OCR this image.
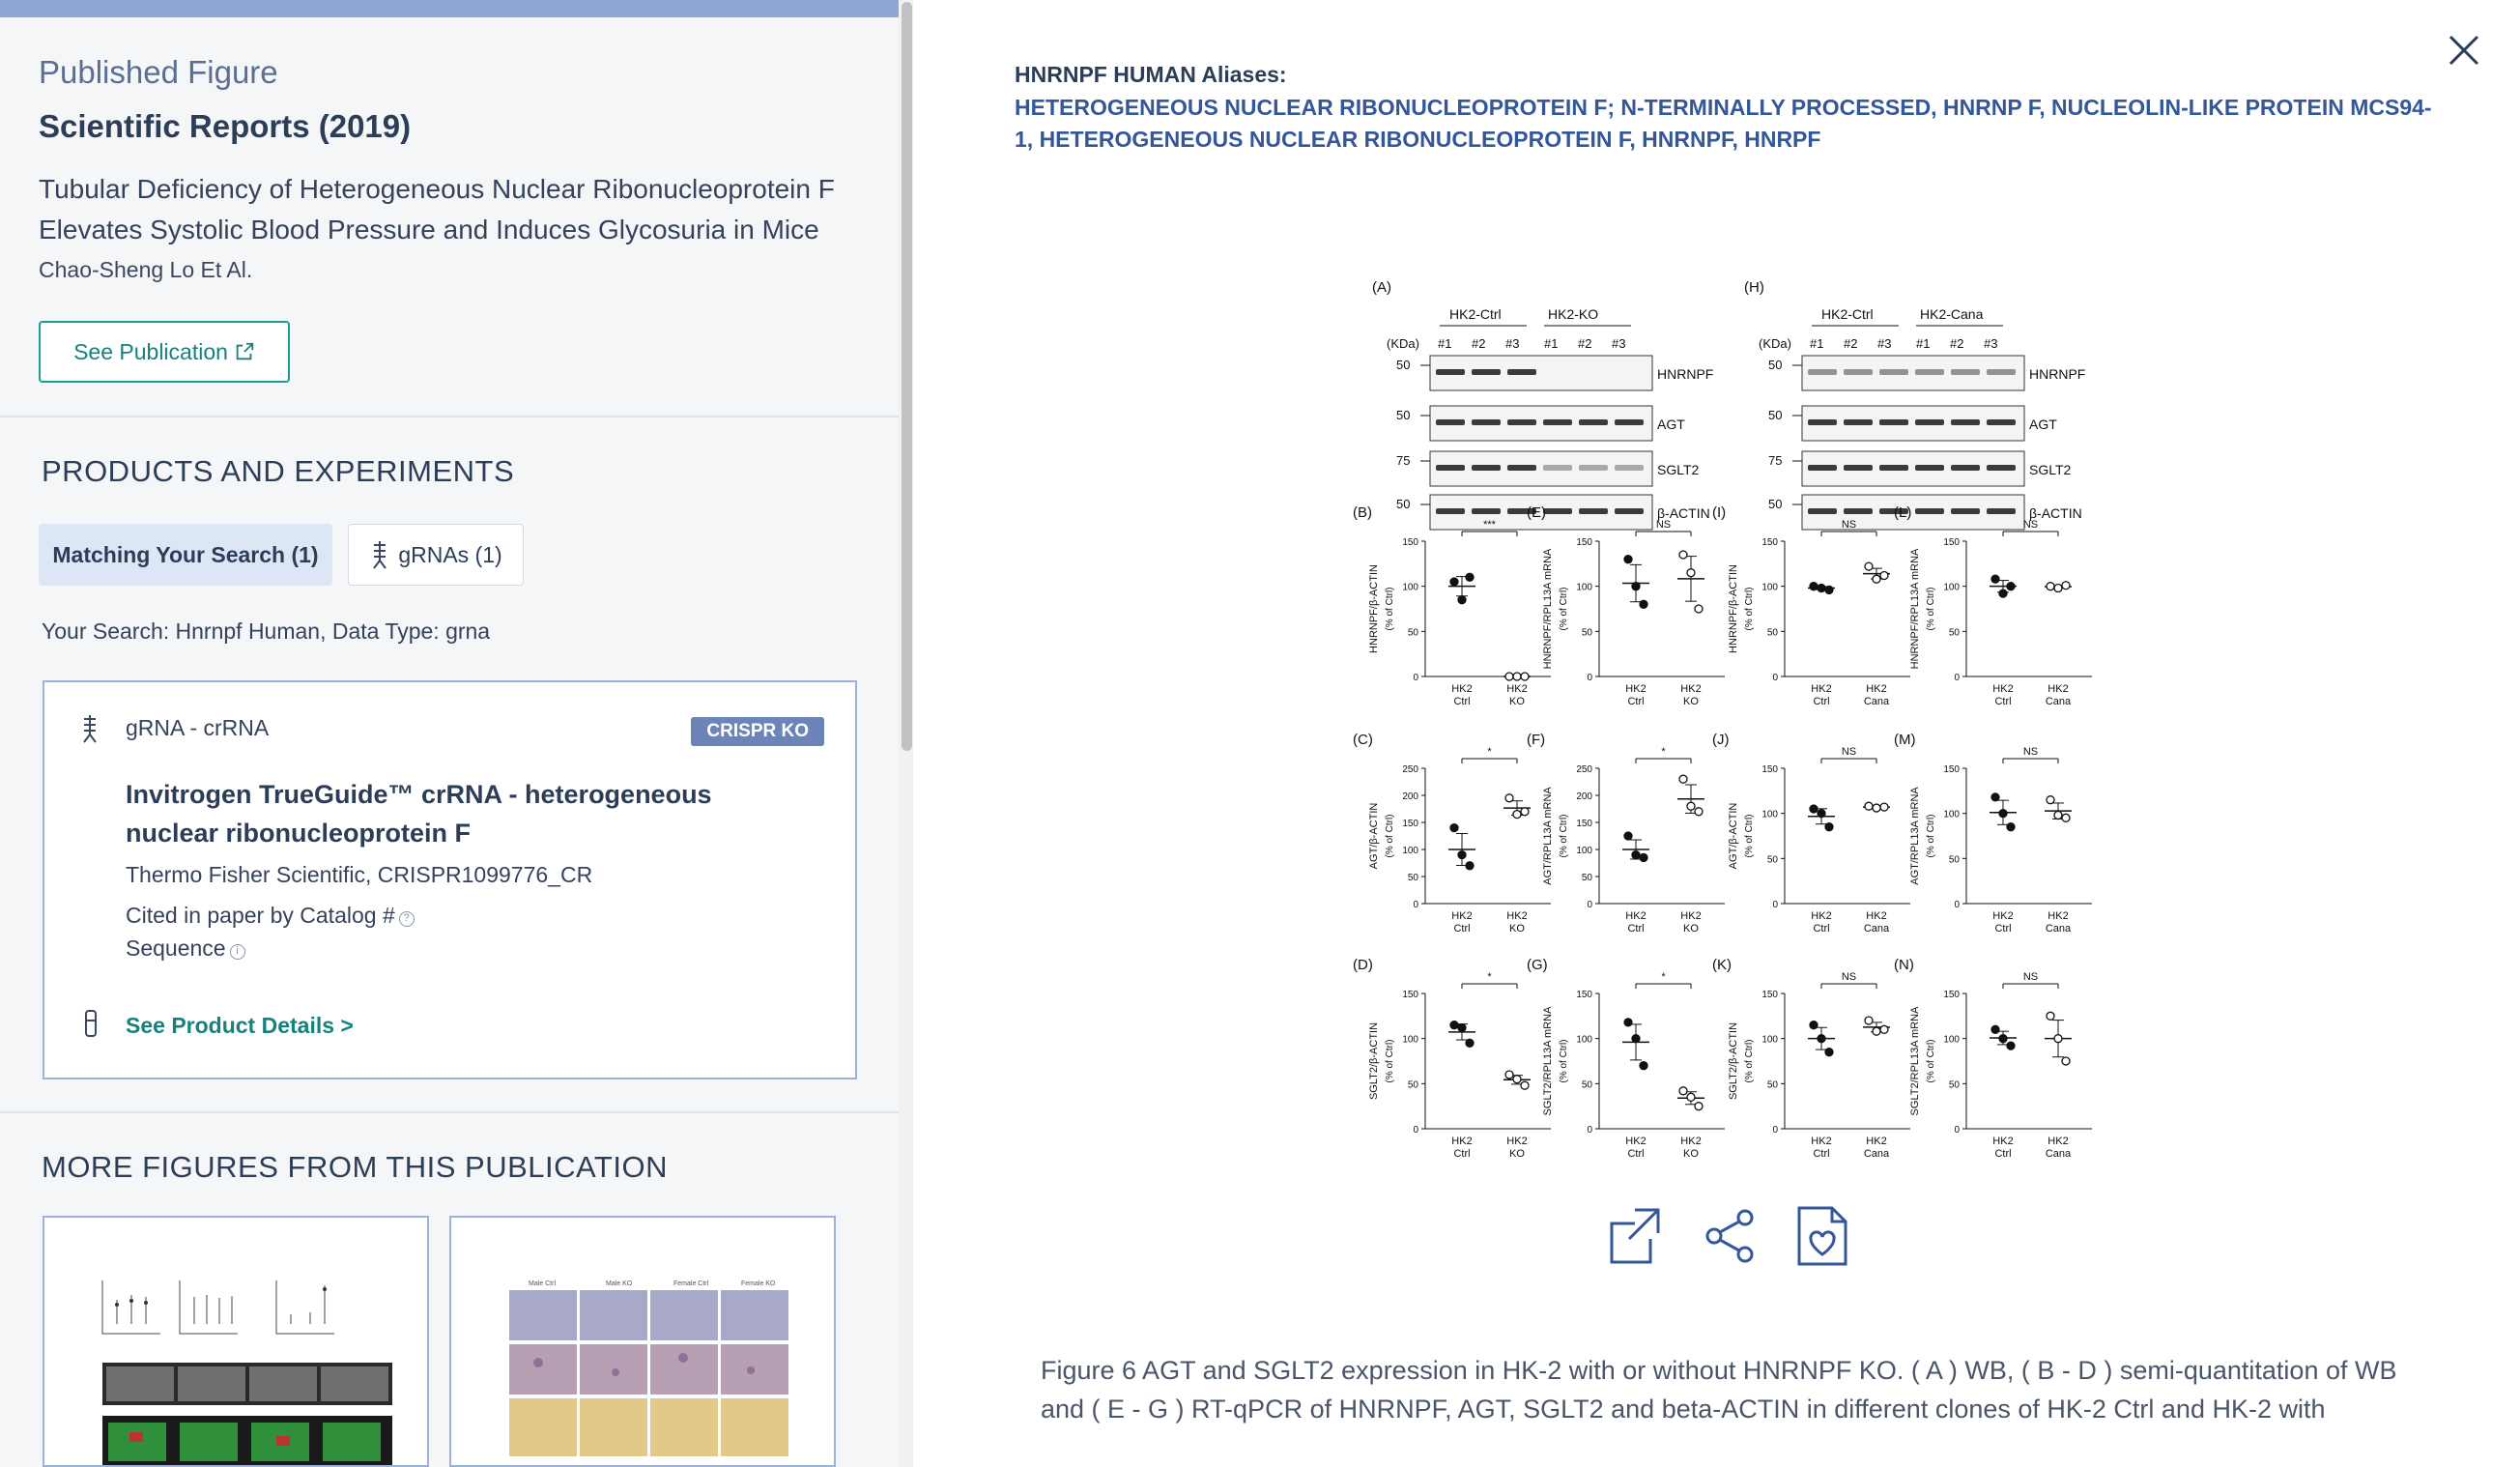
Published Figure
Scientific Reports (2019)
Tubular Deficiency of Heterogeneous Nuclear Ribonucleoprotein F Elevates Systolic Blood Pressure and Induces Glycosuria in Mice
Chao-Sheng Lo Et Al.
See Publication
PRODUCTS AND EXPERIMENTS
Matching Your Search (1)	gRNAs (1)
Your Search: Hnrnpf Human, Data Type: grna
gRNA - crRNA	CRISPR KO
Invitrogen TrueGuide™ crRNA - heterogeneous nuclear ribonucleoprotein F
Thermo Fisher Scientific, CRISPR1099776_CR
Cited in paper by Catalog # ?
Sequence i
See Product Details >
MORE FIGURES FROM THIS PUBLICATION
Male Ctrl	Male KO	Female Ctrl	Female KO
HNRNPF HUMAN Aliases:
HETEROGENEOUS NUCLEAR RIBONUCLEOPROTEIN F; N-TERMINALLY PROCESSED, HNRNP F, NUCLEOLIN-LIKE PROTEIN MCS94-1, HETEROGENEOUS NUCLEAR RIBONUCLEOPROTEIN F, HNRNPF, HNRPF
(A)
HK2-Ctrl	HK2-KO
(KDa) #1 #2 #3 #1 #2 #3
50
HNRNPF
50
AGT
75
SGLT2
50
β-ACTIN
(H)
HK2-Ctrl	HK2-Cana
(KDa) #1 #2 #3 #1 #2 #3
50
HNRNPF
50
AGT
75
SGLT2
50
β-ACTIN
(B)
150
100
50
0
HNRNPF/β-ACTIN (% of Ctrl)
***
HK2
Ctrl
HK2
KO
(E)
150
100
50
0
HNRNPF/RPL13A mRNA (% of Ctrl)
NS
HK2
Ctrl
HK2
KO
(I)
150
100
50
0
HNRNPF/β-ACTIN (% of Ctrl)
NS
HK2
Ctrl
HK2
Cana
(L)
150
100
50
0
HNRNPF/RPL13A mRNA (% of Ctrl)
NS
HK2
Ctrl
HK2
Cana
(C)
250
200
150
100
50
0
AGT/β-ACTIN (% of Ctrl)
*
HK2
Ctrl
HK2
KO
(F)
250
200
150
100
50
0
AGT/RPL13A mRNA (% of Ctrl)
*
HK2
Ctrl
HK2
KO
(J)
150
100
50
0
AGT/β-ACTIN (% of Ctrl)
NS
HK2
Ctrl
HK2
Cana
(M)
150
100
50
0
AGT/RPL13A mRNA (% of Ctrl)
NS
HK2
Ctrl
HK2
Cana
(D)
150
100
50
0
SGLT2/β-ACTIN (% of Ctrl)
*
HK2
Ctrl
HK2
KO
(G)
150
100
50
0
SGLT2/RPL13A mRNA (% of Ctrl)
*
HK2
Ctrl
HK2
KO
(K)
150
100
50
0
SGLT2/β-ACTIN (% of Ctrl)
NS
HK2
Ctrl
HK2
Cana
(N)
150
100
50
0
SGLT2/RPL13A mRNA (% of Ctrl)
NS
HK2
Ctrl
HK2
Cana
Figure 6 AGT and SGLT2 expression in HK-2 with or without HNRNPF KO. ( A ) WB, ( B - D ) semi-quantitation of WB and ( E - G ) RT-qPCR of HNRNPF, AGT, SGLT2 and beta-ACTIN in different clones of HK-2 Ctrl and HK-2 with
